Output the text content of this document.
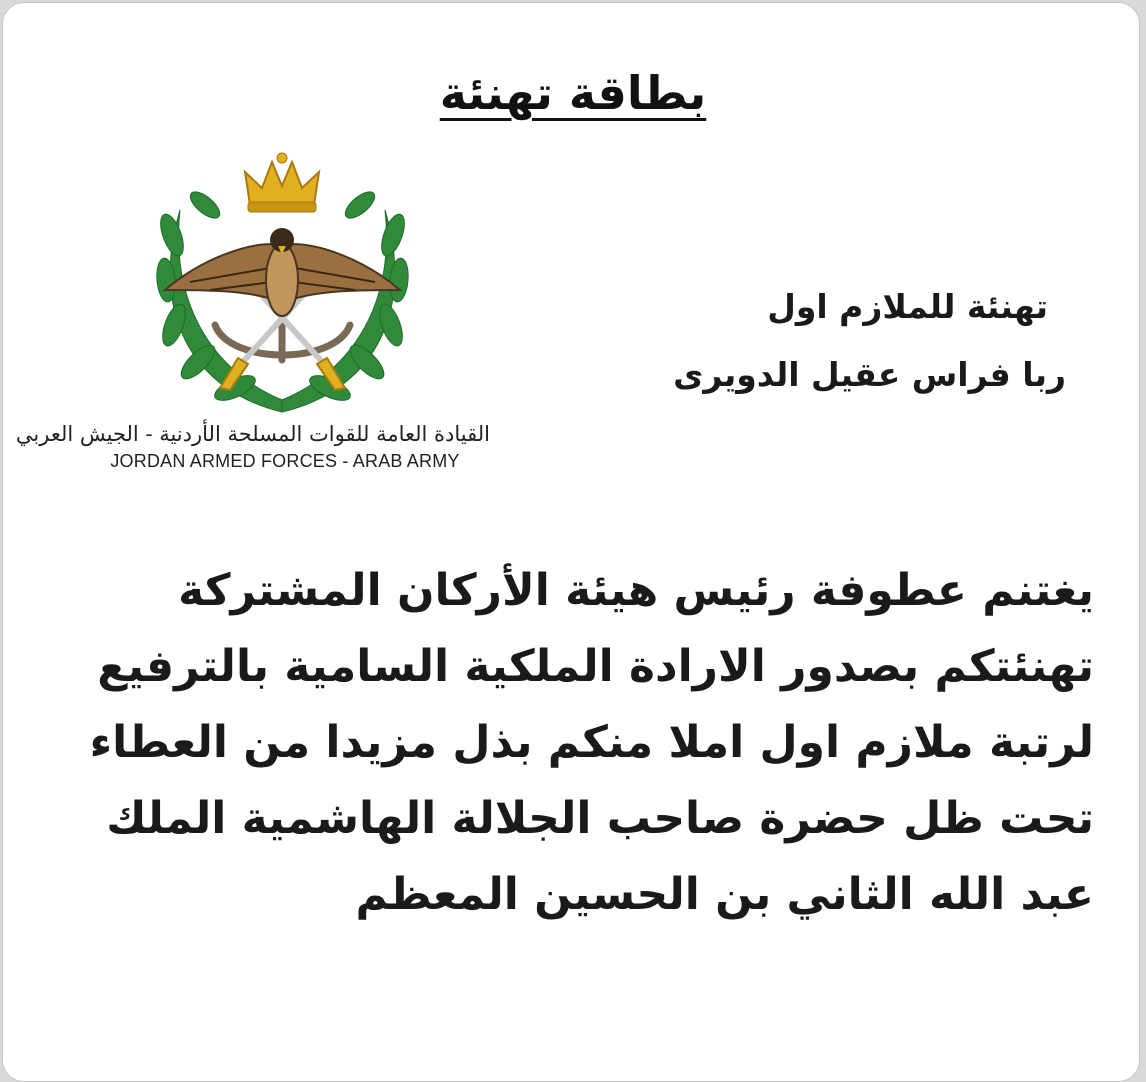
بطاقة تهنئة
القيادة العامة للقوات المسلحة الأردنية - الجيش العربي
JORDAN ARMED FORCES - ARAB ARMY
تهنئة للملازم اول
ربا فراس عقيل الدويرى
يغتنم عطوفة رئيس هيئة الأركان المشتركة
تهنئتكم بصدور الارادة الملكية السامية بالترفيع
لرتبة ملازم اول املا منكم بذل مزيدا من العطاء
تحت ظل حضرة صاحب الجلالة الهاشمية الملك
عبد الله الثاني بن الحسين المعظم
